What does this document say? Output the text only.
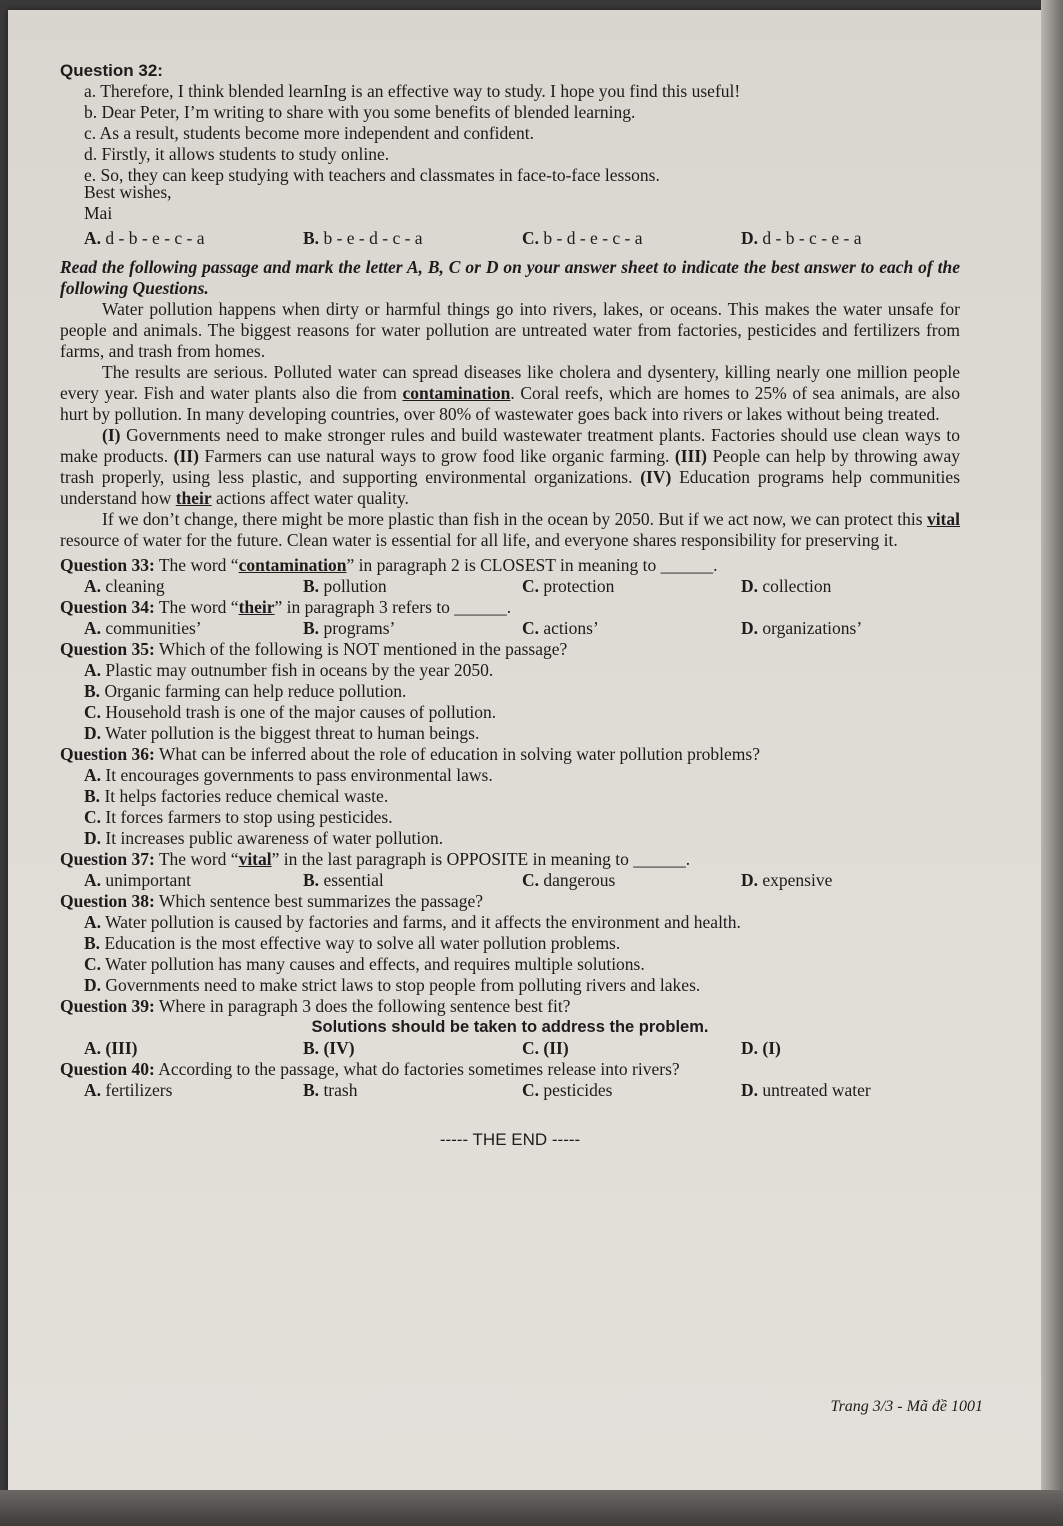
Question 32:
a. Therefore, I think blended learnIng is an effective way to study. I hope you find this useful!
b. Dear Peter, I’m writing to share with you some benefits of blended learning.
c. As a result, students become more independent and confident.
d. Firstly, it allows students to study online.
e. So, they can keep studying with teachers and classmates in face-to-face lessons.
Best wishes,
Mai
A. d - b - e - c - a	B. b - e - d - c - a	C. b - d - e - c - a	D. d - b - c - e - a
Read the following passage and mark the letter A, B, C or D on your answer sheet to indicate the best answer to each of the following Questions.

Water pollution happens when dirty or harmful things go into rivers, lakes, or oceans. This makes the water unsafe for people and animals. The biggest reasons for water pollution are untreated water from factories, pesticides and fertilizers from farms, and trash from homes.

The results are serious. Polluted water can spread diseases like cholera and dysentery, killing nearly one million people every year. Fish and water plants also die from contamination. Coral reefs, which are homes to 25% of sea animals, are also hurt by pollution. In many developing countries, over 80% of wastewater goes back into rivers or lakes without being treated.

(I) Governments need to make stronger rules and build wastewater treatment plants. Factories should use clean ways to make products. (II) Farmers can use natural ways to grow food like organic farming. (III) People can help by throwing away trash properly, using less plastic, and supporting environmental organizations. (IV) Education programs help communities understand how their actions affect water quality.

If we don’t change, there might be more plastic than fish in the ocean by 2050. But if we act now, we can protect this vital resource of water for the future. Clean water is essential for all life, and everyone shares responsibility for preserving it.

Question 33: The word “contamination” in paragraph 2 is CLOSEST in meaning to ______.
A. cleaning	B. pollution	C. protection	D. collection
Question 34: The word “their” in paragraph 3 refers to ______.
A. communities’	B. programs’	C. actions’	D. organizations’
Question 35: Which of the following is NOT mentioned in the passage?
A. Plastic may outnumber fish in oceans by the year 2050.
B. Organic farming can help reduce pollution.
C. Household trash is one of the major causes of pollution.
D. Water pollution is the biggest threat to human beings.
Question 36: What can be inferred about the role of education in solving water pollution problems?
A. It encourages governments to pass environmental laws.
B. It helps factories reduce chemical waste.
C. It forces farmers to stop using pesticides.
D. It increases public awareness of water pollution.
Question 37: The word “vital” in the last paragraph is OPPOSITE in meaning to ______.
A. unimportant	B. essential	C. dangerous	D. expensive
Question 38: Which sentence best summarizes the passage?
A. Water pollution is caused by factories and farms, and it affects the environment and health.
B. Education is the most effective way to solve all water pollution problems.
C. Water pollution has many causes and effects, and requires multiple solutions.
D. Governments need to make strict laws to stop people from polluting rivers and lakes.
Question 39: Where in paragraph 3 does the following sentence best fit?
Solutions should be taken to address the problem.
A. (III)	B. (IV)	C. (II)	D. (I)
Question 40: According to the passage, what do factories sometimes release into rivers?
A. fertilizers	B. trash	C. pesticides	D. untreated water
----- THE END -----
Trang 3/3 - Mã đề 1001
